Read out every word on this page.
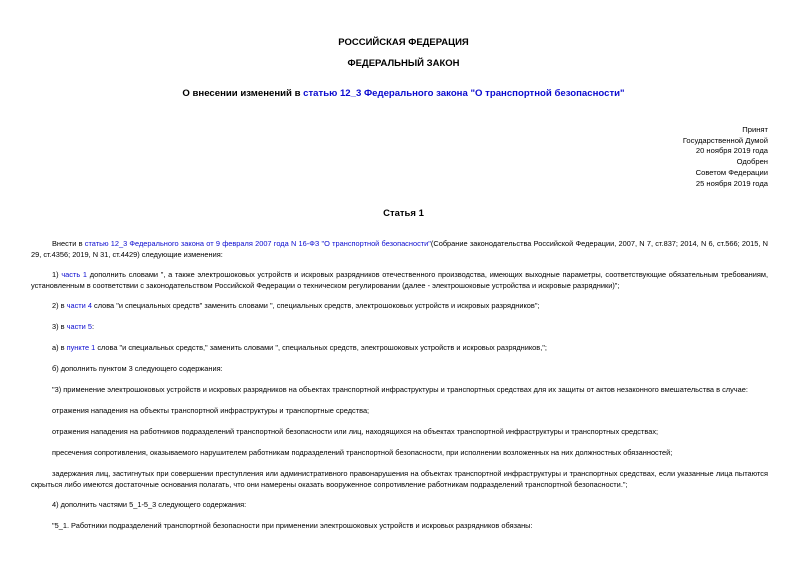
РОССИЙСКАЯ ФЕДЕРАЦИЯ
ФЕДЕРАЛЬНЫЙ ЗАКОН
О внесении изменений в статью 12_3 Федерального закона "О транспортной безопасности"
Принят
Государственной Думой
20 ноября 2019 года
Одобрен
Советом Федерации
25 ноября 2019 года
Статья 1

Внести в статью 12_3 Федерального закона от 9 февраля 2007 года N 16-ФЗ "О транспортной безопасности"(Собрание законодательства Российской Федерации, 2007, N 7, ст.837; 2014, N 6, ст.566; 2015, N 29, ст.4356; 2019, N 31, ст.4429) следующие изменения:

1) часть 1 дополнить словами ", а также электрошоковых устройств и искровых разрядников отечественного производства, имеющих выходные параметры, соответствующие обязательным требованиям, установленным в соответствии с законодательством Российской Федерации о техническом регулировании (далее - электрошоковые устройства и искровые разрядники)";

2) в части 4 слова "и специальных средств" заменить словами ", специальных средств, электрошоковых устройств и искровых разрядников";

3) в части 5:

а) в пункте 1 слова "и специальных средств," заменить словами ", специальных средств, электрошоковых устройств и искровых разрядников,";

б) дополнить пунктом 3 следующего содержания:

"3) применение электрошоковых устройств и искровых разрядников на объектах транспортной инфраструктуры и транспортных средствах для их защиты от актов незаконного вмешательства в случае:

отражения нападения на объекты транспортной инфраструктуры и транспортные средства;

отражения нападения на работников подразделений транспортной безопасности или лиц, находящихся на объектах транспортной инфраструктуры и транспортных средствах;

пресечения сопротивления, оказываемого нарушителем работникам подразделений транспортной безопасности, при исполнении возложенных на них должностных обязанностей;

задержания лиц, застигнутых при совершении преступления или административного правонарушения на объектах транспортной инфраструктуры и транспортных средствах, если указанные лица пытаются скрыться либо имеются достаточные основания полагать, что они намерены оказать вооруженное сопротивление работникам подразделений транспортной безопасности.";

4) дополнить частями 5_1-5_3 следующего содержания:

"5_1. Работники подразделений транспортной безопасности при применении электрошоковых устройств и искровых разрядников обязаны:
